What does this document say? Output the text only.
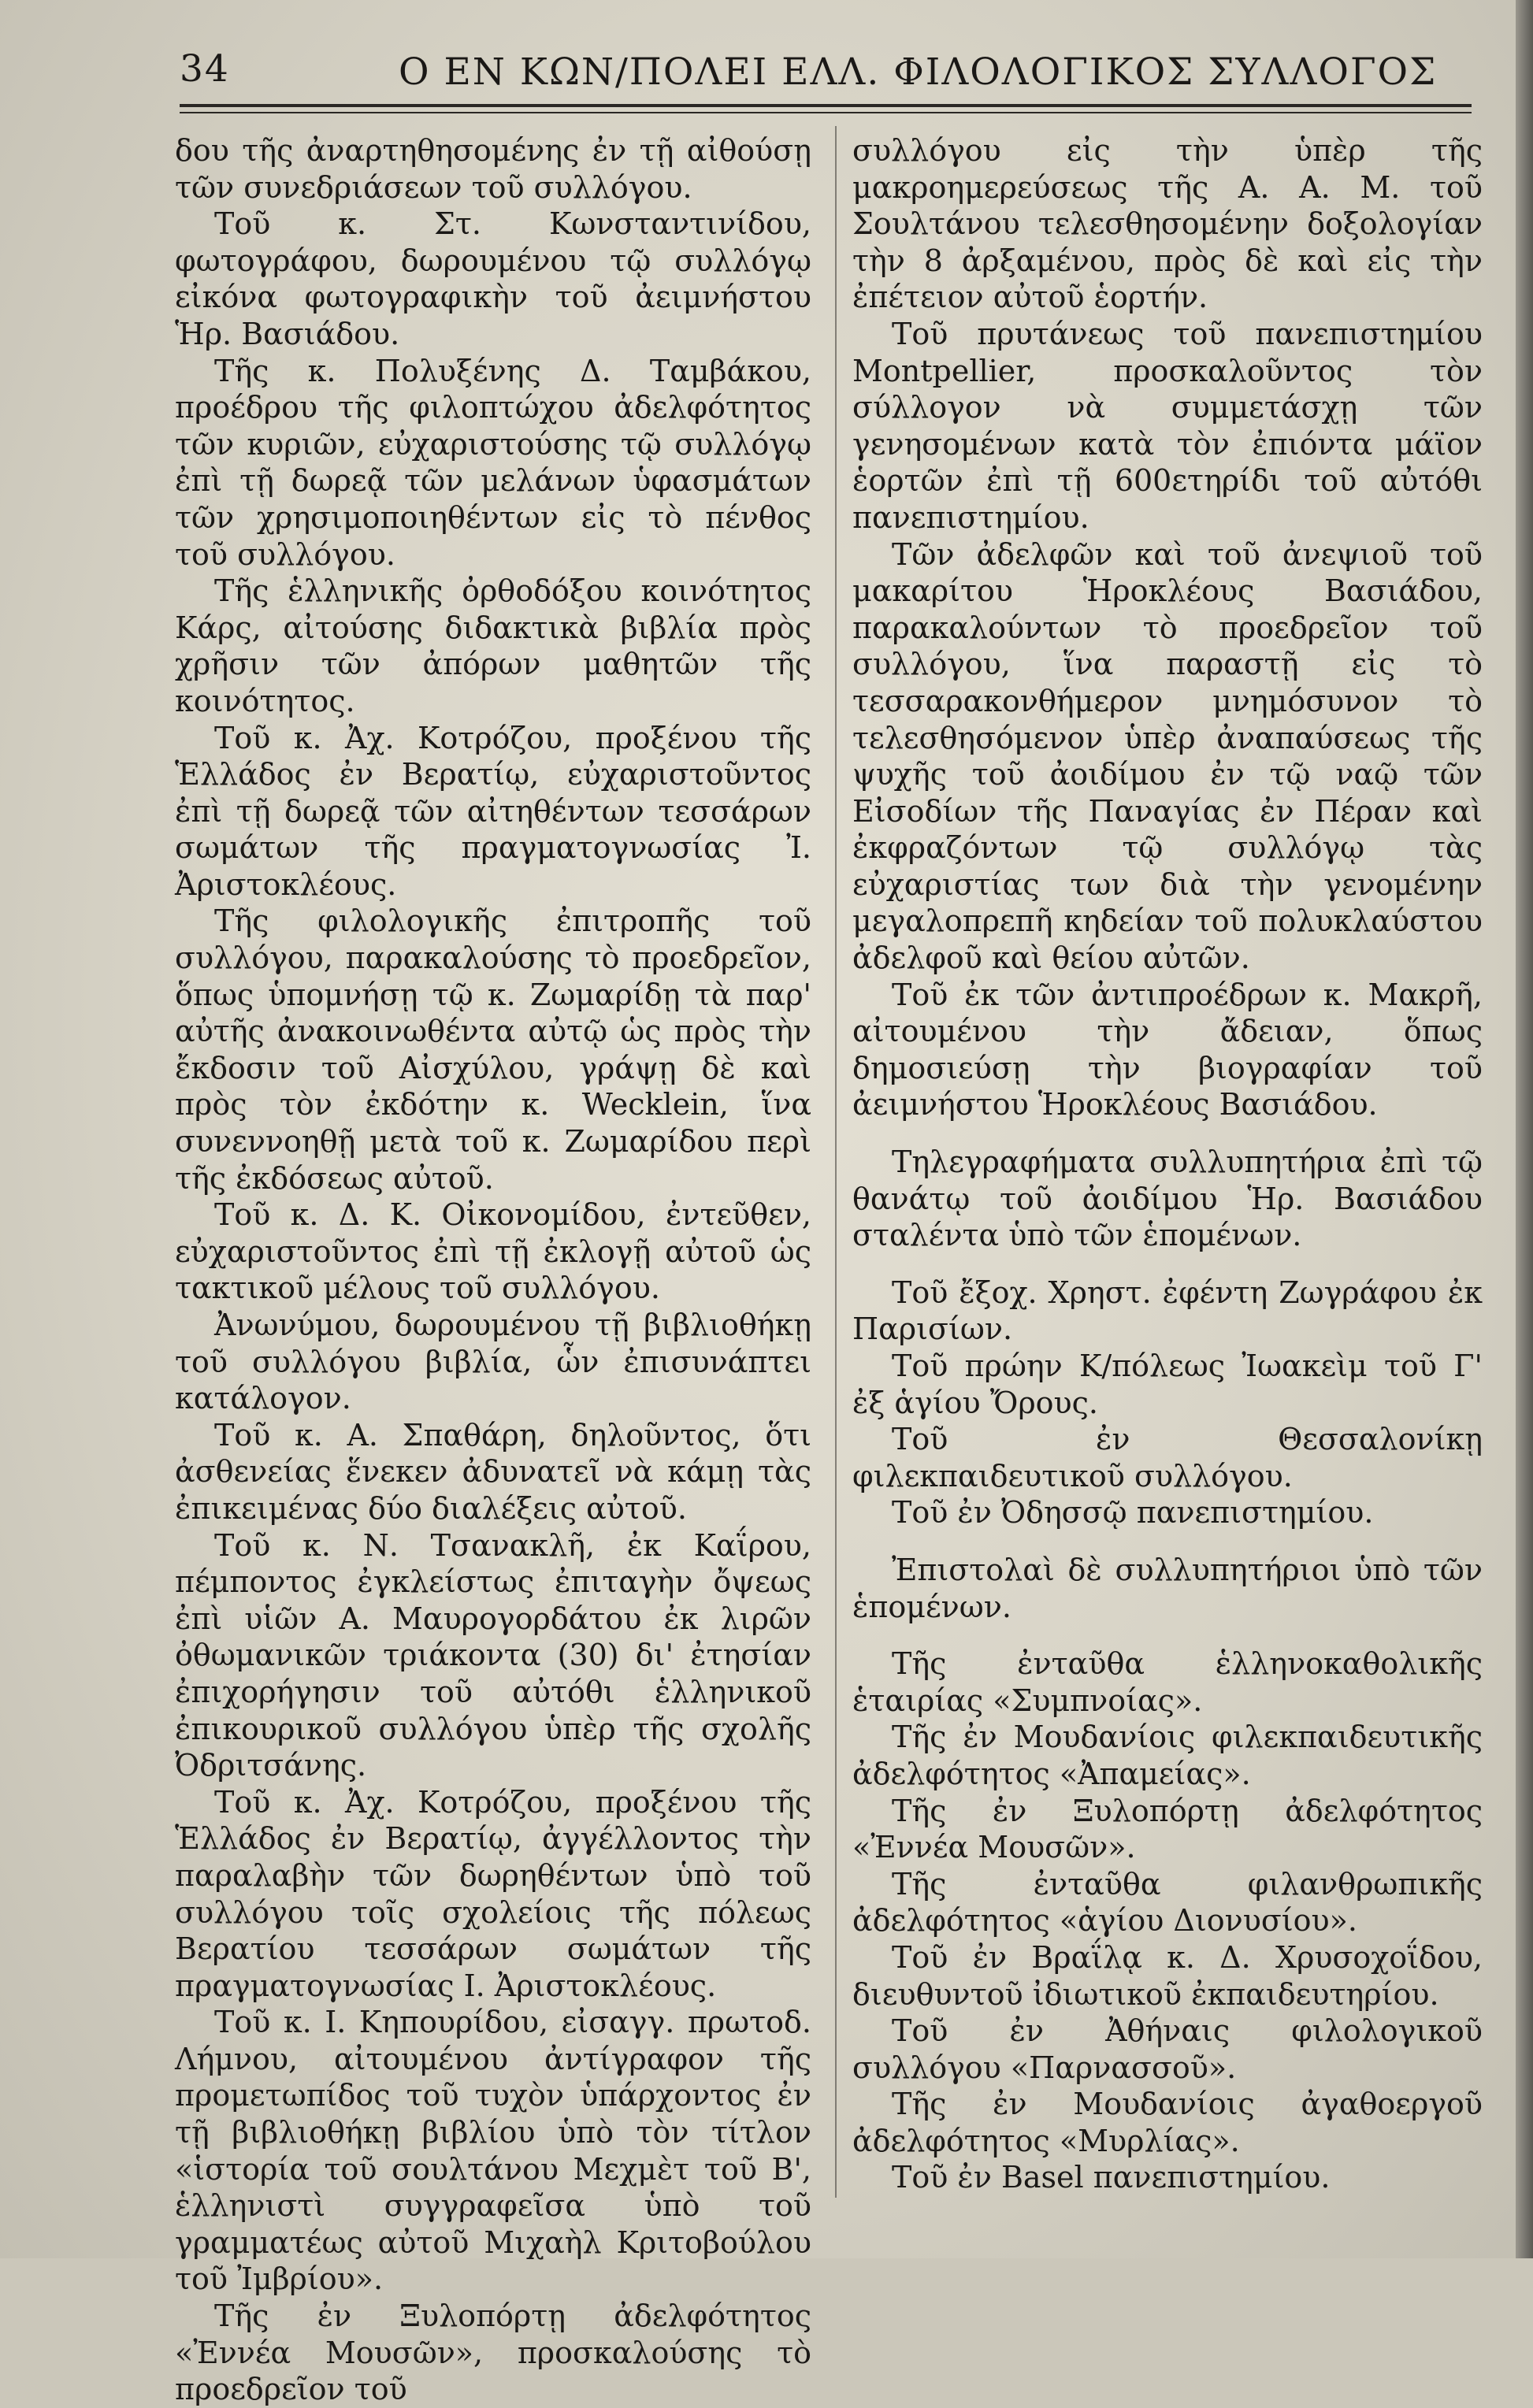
34	Ο ΕΝ ΚΩΝ/ΠΟΛΕΙ ΕΛΛ. ΦΙΛΟΛΟΓΙΚΟΣ ΣΥΛΛΟΓΟΣ

δου τῆς ἀναρτηθησομένης ἐν τῇ αἰθούσῃ τῶν συνεδριάσεων τοῦ συλλόγου.

Τοῦ κ. Στ. Κωνσταντινίδου, φωτογράφου, δωρουμένου τῷ συλλόγῳ εἰκόνα φωτογραφικὴν τοῦ ἀειμνήστου Ἡρ. Βασιάδου.

Τῆς κ. Πολυξένης Δ. Ταμβάκου, προέδρου τῆς φιλοπτώχου ἀδελφότητος τῶν κυριῶν, εὐχαριστούσης τῷ συλλόγῳ ἐπὶ τῇ δωρεᾷ τῶν μελάνων ὑφασμάτων τῶν χρησιμοποιηθέντων εἰς τὸ πένθος τοῦ συλλόγου.

Τῆς ἑλληνικῆς ὀρθοδόξου κοινότητος Κάρς, αἰτούσης διδακτικὰ βιβλία πρὸς χρῆσιν τῶν ἀπόρων μαθητῶν τῆς κοινότητος.

Τοῦ κ. Ἀχ. Κοτρόζου, προξένου τῆς Ἑλλάδος ἐν Βερατίῳ, εὐχαριστοῦντος ἐπὶ τῇ δωρεᾷ τῶν αἰτηθέντων τεσσάρων σωμάτων τῆς πραγματογνωσίας Ἰ. Ἀριστοκλέους.

Τῆς φιλολογικῆς ἐπιτροπῆς τοῦ συλλόγου, παρακαλούσης τὸ προεδρεῖον, ὅπως ὑπομνήσῃ τῷ κ. Ζωμαρίδῃ τὰ παρ' αὐτῆς ἀνακοινωθέντα αὐτῷ ὡς πρὸς τὴν ἔκδοσιν τοῦ Αἰσχύλου, γράψῃ δὲ καὶ πρὸς τὸν ἐκδότην κ. Wecklein, ἵνα συνεννοηθῇ μετὰ τοῦ κ. Ζωμαρίδου περὶ τῆς ἐκδόσεως αὐτοῦ.

Τοῦ κ. Δ. Κ. Οἰκονομίδου, ἐντεῦθεν, εὐχαριστοῦντος ἐπὶ τῇ ἐκλογῇ αὐτοῦ ὡς τακτικοῦ μέλους τοῦ συλλόγου.

Ἀνωνύμου, δωρουμένου τῇ βιβλιοθήκῃ τοῦ συλλόγου βιβλία, ὧν ἐπισυνάπτει κατάλογον.

Τοῦ κ. Α. Σπαθάρη, δηλοῦντος, ὅτι ἀσθενείας ἕνεκεν ἀδυνατεῖ νὰ κάμῃ τὰς ἐπικειμένας δύο διαλέξεις αὐτοῦ.

Τοῦ κ. Ν. Τσανακλῆ, ἐκ Καΐρου, πέμποντος ἐγκλείστως ἐπιταγὴν ὄψεως ἐπὶ υἱῶν Α. Μαυρογορδάτου ἐκ λιρῶν ὀθωμανικῶν τριάκοντα (30) δι' ἐτησίαν ἐπιχορήγησιν τοῦ αὐτόθι ἑλληνικοῦ ἐπικουρικοῦ συλλόγου ὑπὲρ τῆς σχολῆς Ὀδριτσάνης.

Τοῦ κ. Ἀχ. Κοτρόζου, προξένου τῆς Ἑλλάδος ἐν Βερατίῳ, ἀγγέλλοντος τὴν παραλαβὴν τῶν δωρηθέντων ὑπὸ τοῦ συλλόγου τοῖς σχολείοις τῆς πόλεως Βερατίου τεσσάρων σωμάτων τῆς πραγματογνωσίας Ι. Ἀριστοκλέους.

Τοῦ κ. Ι. Κηπουρίδου, εἰσαγγ. πρωτοδ. Λήμνου, αἰτουμένου ἀντίγραφον τῆς προμετωπίδος τοῦ τυχὸν ὑπάρχοντος ἐν τῇ βιβλιοθήκῃ βιβλίου ὑπὸ τὸν τίτλον «ἱστορία τοῦ σουλτάνου Μεχμὲτ τοῦ Β', ἑλληνιστὶ συγγραφεῖσα ὑπὸ τοῦ γραμματέως αὐτοῦ Μιχαὴλ Κριτοβούλου τοῦ Ἰμβρίου».

Τῆς ἐν Ξυλοπόρτῃ ἀδελφότητος «Ἐννέα Μουσῶν», προσκαλούσης τὸ προεδρεῖον τοῦ

συλλόγου εἰς τὴν ὑπὲρ τῆς μακροημερεύσεως τῆς Α. Α. Μ. τοῦ Σουλτάνου τελεσθησομένην δοξολογίαν τὴν 8 ἀρξαμένου, πρὸς δὲ καὶ εἰς τὴν ἐπέτειον αὐτοῦ ἑορτήν.

Τοῦ πρυτάνεως τοῦ πανεπιστημίου Montpellier, προσκαλοῦντος τὸν σύλλογον νὰ συμμετάσχῃ τῶν γενησομένων κατὰ τὸν ἐπιόντα μάϊον ἑορτῶν ἐπὶ τῇ 600ετηρίδι τοῦ αὐτόθι πανεπιστημίου.

Τῶν ἀδελφῶν καὶ τοῦ ἀνεψιοῦ τοῦ μακαρίτου Ἡροκλέους Βασιάδου, παρακαλούντων τὸ προεδρεῖον τοῦ συλλόγου, ἵνα παραστῇ εἰς τὸ τεσσαρακονθήμερον μνημόσυνον τὸ τελεσθησόμενον ὑπὲρ ἀναπαύσεως τῆς ψυχῆς τοῦ ἀοιδίμου ἐν τῷ ναῷ τῶν Εἰσοδίων τῆς Παναγίας ἐν Πέραν καὶ ἐκφραζόντων τῷ συλλόγῳ τὰς εὐχαριστίας των διὰ τὴν γενομένην μεγαλοπρεπῆ κηδείαν τοῦ πολυκλαύστου ἀδελφοῦ καὶ θείου αὐτῶν.

Τοῦ ἐκ τῶν ἀντιπροέδρων κ. Μακρῆ, αἰτουμένου τὴν ἄδειαν, ὅπως δημοσιεύσῃ τὴν βιογραφίαν τοῦ ἀειμνήστου Ἡροκλέους Βασιάδου.

Τηλεγραφήματα συλλυπητήρια ἐπὶ τῷ θανάτῳ τοῦ ἀοιδίμου Ἡρ. Βασιάδου σταλέντα ὑπὸ τῶν ἑπομένων.

Τοῦ ἔξοχ. Χρηστ. ἐφέντη Ζωγράφου ἐκ Παρισίων.

Τοῦ πρώην Κ/πόλεως Ἰωακεὶμ τοῦ Γ' ἐξ ἁγίου Ὄρους.

Τοῦ ἐν Θεσσαλονίκῃ φιλεκπαιδευτικοῦ συλλόγου.

Τοῦ ἐν Ὀδησσῷ πανεπιστημίου.

Ἐπιστολαὶ δὲ συλλυπητήριοι ὑπὸ τῶν ἑπομένων.

Τῆς ἐνταῦθα ἑλληνοκαθολικῆς ἑταιρίας «Συμπνοίας».

Τῆς ἐν Μουδανίοις φιλεκπαιδευτικῆς ἀδελφότητος «Ἀπαμείας».

Τῆς ἐν Ξυλοπόρτῃ ἀδελφότητος «Ἐννέα Μουσῶν».

Τῆς ἐνταῦθα φιλανθρωπικῆς ἀδελφότητος «ἁγίου Διονυσίου».

Τοῦ ἐν Βραΐλᾳ κ. Δ. Χρυσοχοΐδου, διευθυντοῦ ἰδιωτικοῦ ἐκπαιδευτηρίου.

Τοῦ ἐν Ἀθήναις φιλολογικοῦ συλλόγου «Παρνασσοῦ».

Τῆς ἐν Μουδανίοις ἀγαθοεργοῦ ἀδελφότητος «Μυρλίας».

Τοῦ ἐν Basel πανεπιστημίου.
